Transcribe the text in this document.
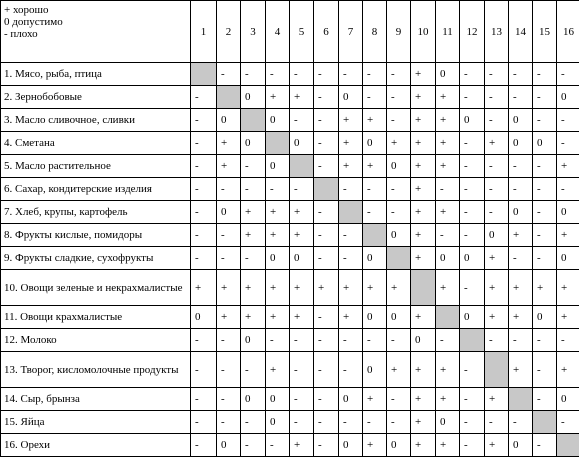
+ хорошо
0 допустимо
- плохо	1	2	3	4	5	6	7	8	9	10	11	12	13	14	15	16
1. Мясо, рыба, птица		-	-	-	-	-	-	-	-	+	0	-	-	-	-	-
2. Зернобобовые	-		0	+	+	-	0	-	-	+	+	-	-	-	-	0
3. Масло сливочное, сливки	-	0		0	-	-	+	+	-	+	+	0	-	0	-	-
4. Сметана	-	+	0		0	-	+	0	+	+	+	-	+	0	0	-
5. Масло растительное	-	+	-	0		-	+	+	0	+	+	-	-	-	-	+
6. Сахар, кондитерские изделия	-	-	-	-	-		-	-	-	+	-	-	-	-	-	-
7. Хлеб, крупы, картофель	-	0	+	+	+	-		-	-	+	+	-	-	0	-	0
8. Фрукты кислые, помидоры	-	-	+	+	+	-	-		0	+	-	-	0	+	-	+
9. Фрукты сладкие, сухофрукты	-	-	-	0	0	-	-	0		+	0	0	+	-	-	0
10. Овощи зеленые и некрахмалистые	+	+	+	+	+	+	+	+	+		+	-	+	+	+	+
11. Овощи крахмалистые	0	+	+	+	+	-	+	0	0	+		0	+	+	0	+
12. Молоко	-	-	0	-	-	-	-	-	-	0	-		-	-	-	-
13. Творог, кисломолочные продукты	-	-	-	+	-	-	-	0	+	+	+	-		+	-	+
14. Сыр, брынза	-	-	0	0	-	-	0	+	-	+	+	-	+		-	0
15. Яйца	-	-	-	0	-	-	-	-	-	+	0	-	-	-		-
16. Орехи	-	0	-	-	+	-	0	+	0	+	+	-	+	0	-	
